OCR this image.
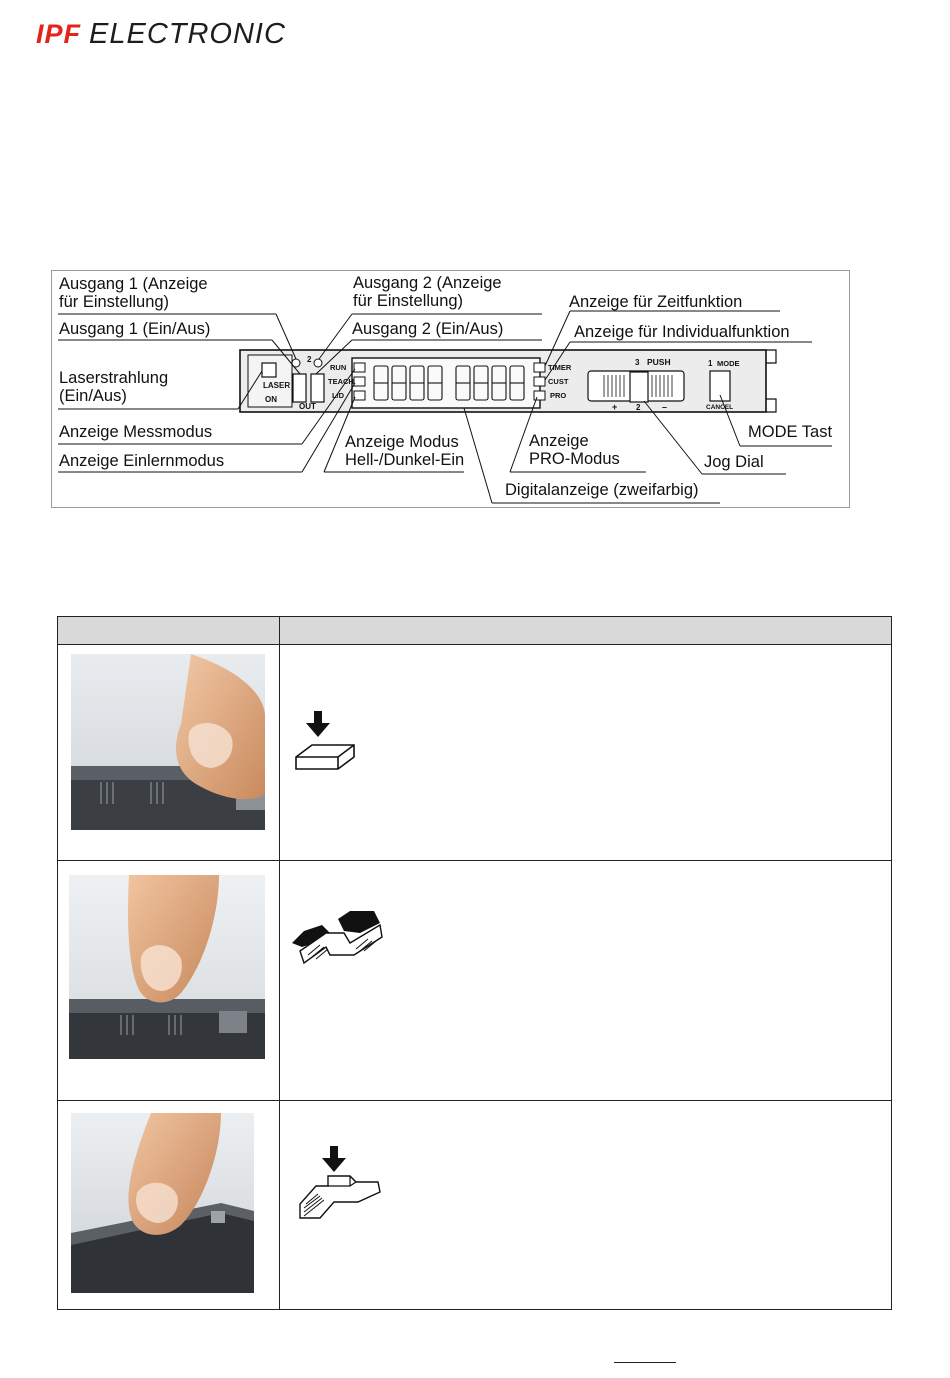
IPF ELECTRONIC
LASER
ON
OUT
2
RUN
TEACH
L/D
TIMER
CUST
PRO
3 PUSH
+ 2 –
1 MODE
CANCEL
Ausgang 1 (Anzeige
für Einstellung)
Ausgang 2 (Anzeige
für Einstellung)	Anzeige für Zeitfunktion
Ausgang 1 (Ein/Aus)	Ausgang 2 (Ein/Aus)	Anzeige für Individualfunktion
Laserstrahlung
(Ein/Aus)
Anzeige Messmodus
Anzeige Einlernmodus
Anzeige Modus
Hell-/Dunkel-Ein
Anzeige
PRO-Modus
Digitalanzeige (zweifarbig)
Jog Dial
MODE Tast
